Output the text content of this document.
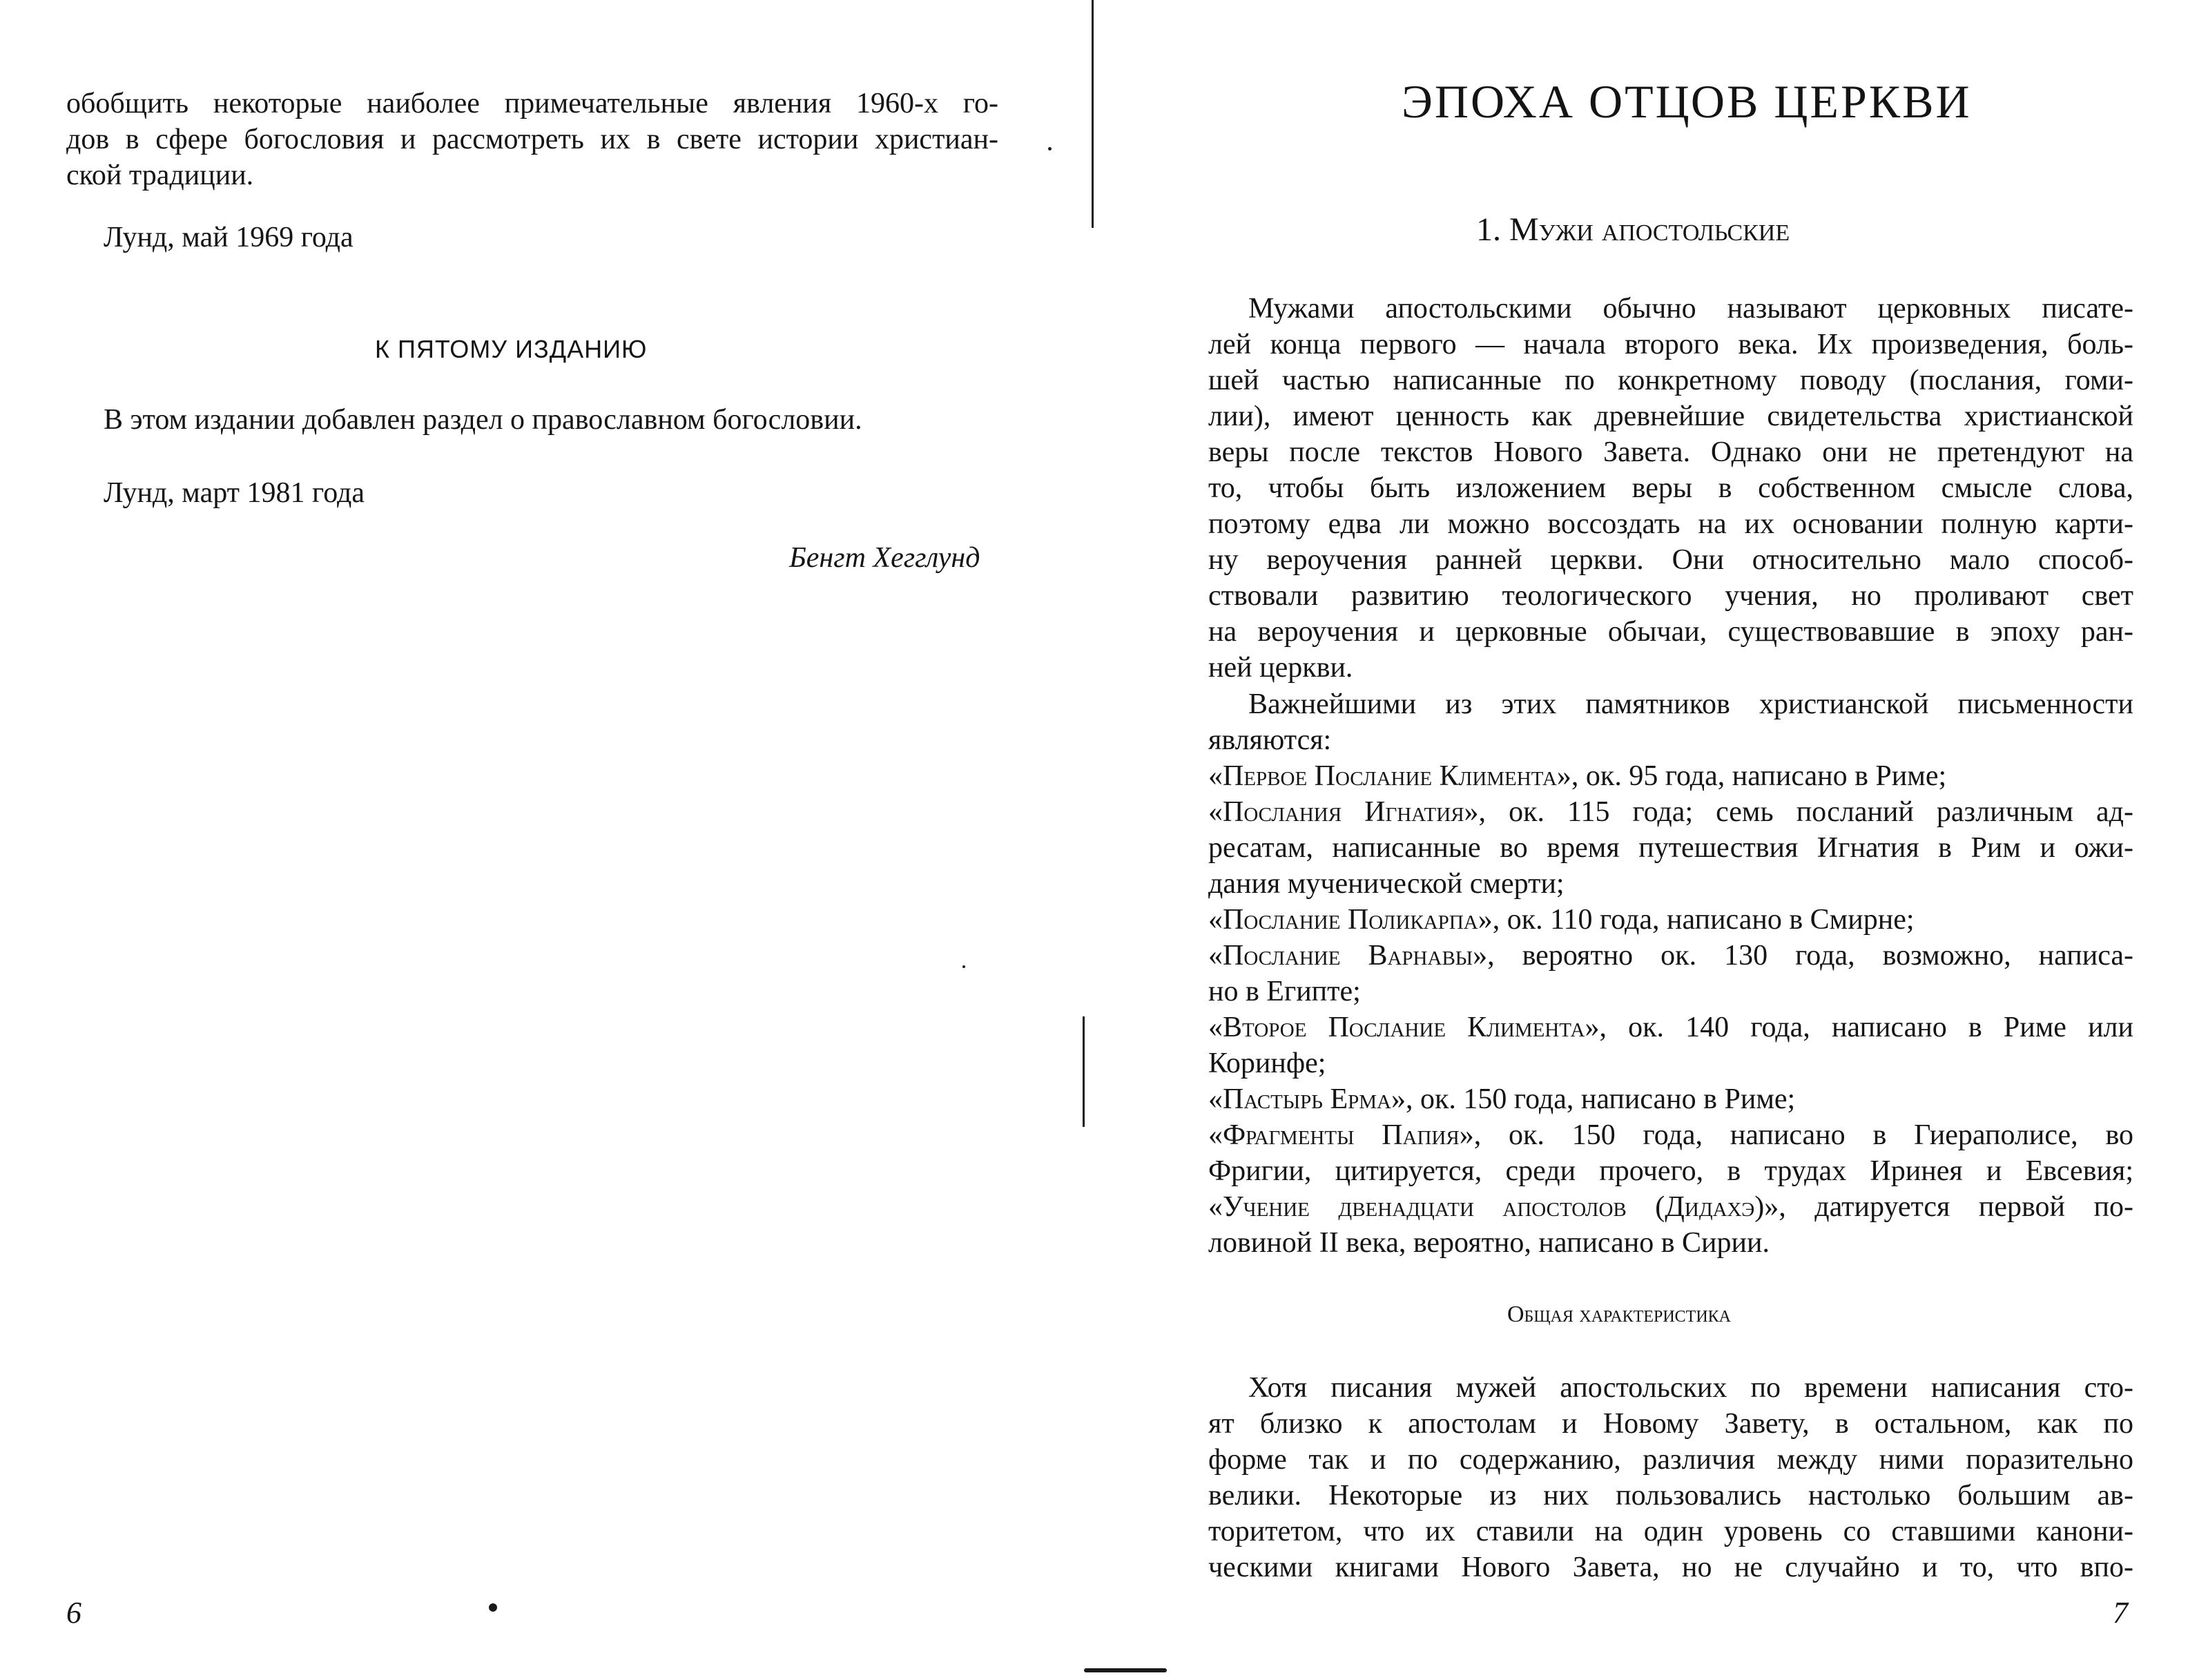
обобщить некоторые наиболее примечательные явления 1960-х го-
дов в сфере богословия и рассмотреть их в свете истории христиан-
ской традиции.

Лунд, май 1969 года

К ПЯТОМУ ИЗДАНИЮ

В этом издании добавлен раздел о православном богословии.

Лунд, март 1981 года

Бенгт Хегглунд

6

ЭПОХА ОТЦОВ ЦЕРКВИ
1. Мужи апостольские
Мужами апостольскими обычно называют церковных писате-
лей конца первого — начала второго века. Их произведения, боль-
шей частью написанные по конкретному поводу (послания, гоми-
лии), имеют ценность как древнейшие свидетельства христианской
веры после текстов Нового Завета. Однако они не претендуют на
то, чтобы быть изложением веры в собственном смысле слова,
поэтому едва ли можно воссоздать на их основании полную карти-
ну вероучения ранней церкви. Они относительно мало способ-
ствовали развитию теологического учения, но проливают свет
на вероучения и церковные обычаи, существовавшие в эпоху ран-
ней церкви.
Важнейшими из этих памятников христианской письменности
являются:
«Первое Послание Климента», ок. 95 года, написано в Риме;
«Послания Игнатия», ок. 115 года; семь посланий различным ад-
ресатам, написанные во время путешествия Игнатия в Рим и ожи-
дания мученической смерти;
«Послание Поликарпа», ок. 110 года, написано в Смирне;
«Послание Варнавы», вероятно ок. 130 года, возможно, написа-
но в Египте;
«Второе Послание Климента», ок. 140 года, написано в Риме или
Коринфе;
«Пастырь Ерма», ок. 150 года, написано в Риме;
«Фрагменты Папия», ок. 150 года, написано в Гиераполисе, во
Фригии, цитируется, среди прочего, в трудах Иринея и Евсевия;
«Учение двенадцати апостолов (Дидахэ)», датируется первой по-
ловиной II века, вероятно, написано в Сирии.
Общая характеристика
Хотя писания мужей апостольских по времени написания сто-
ят близко к апостолам и Новому Завету, в остальном, как по
форме так и по содержанию, различия между ними поразительно
велики. Некоторые из них пользовались настолько большим ав-
торитетом, что их ставили на один уровень со ставшими канони-
ческими книгами Нового Завета, но не случайно и то, что впо-

7
